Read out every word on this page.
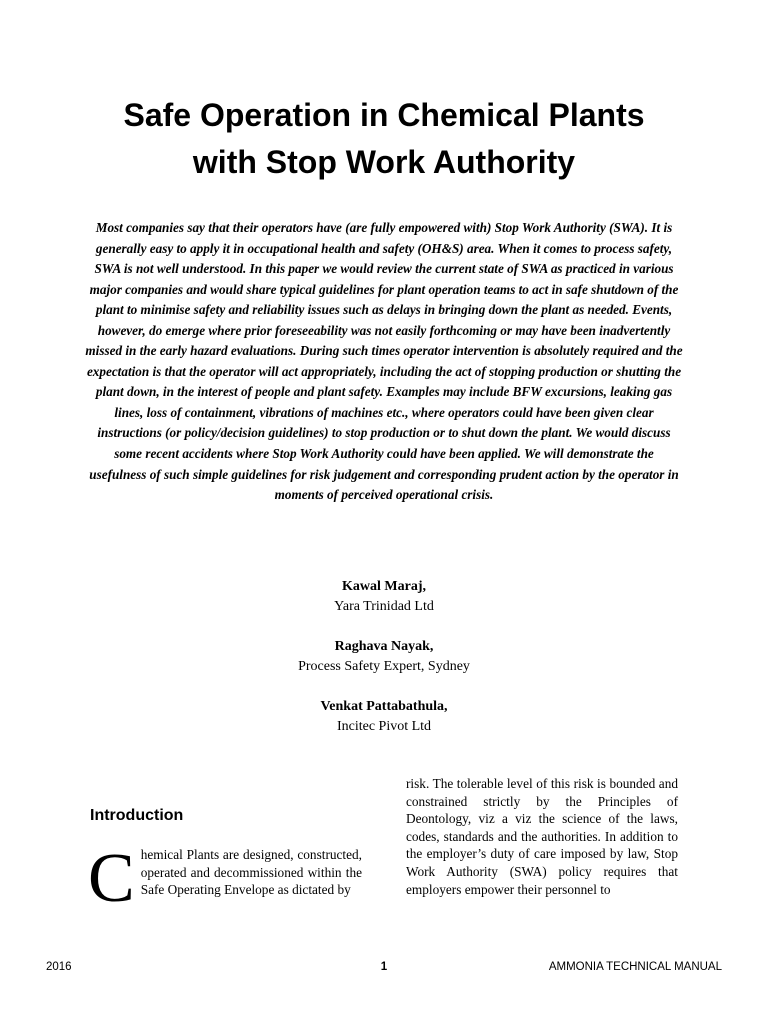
Safe Operation in Chemical Plants
with Stop Work Authority

Most companies say that their operators have (are fully empowered with) Stop Work Authority (SWA). It is generally easy to apply it in occupational health and safety (OH&S) area. When it comes to process safety, SWA is not well understood. In this paper we would review the current state of SWA as practiced in various major companies and would share typical guidelines for plant operation teams to act in safe shutdown of the plant to minimise safety and reliability issues such as delays in bringing down the plant as needed. Events, however, do emerge where prior foreseeability was not easily forthcoming or may have been inadvertently missed in the early hazard evaluations. During such times operator intervention is absolutely required and the expectation is that the operator will act appropriately, including the act of stopping production or shutting the plant down, in the interest of people and plant safety. Examples may include BFW excursions, leaking gas lines, loss of containment, vibrations of machines etc., where operators could have been given clear instructions (or policy/decision guidelines) to stop production or to shut down the plant. We would discuss some recent accidents where Stop Work Authority could have been applied. We will demonstrate the usefulness of such simple guidelines for risk judgement and corresponding prudent action by the operator in moments of perceived operational crisis.

Kawal Maraj,
Yara Trinidad Ltd
Raghava Nayak,
Process Safety Expert, Sydney
Venkat Pattabathula,
Incitec Pivot Ltd
Introduction

Chemical Plants are designed, constructed, operated and decommissioned within the Safe Operating Envelope as dictated by

risk. The tolerable level of this risk is bounded and constrained strictly by the Principles of Deontology, viz a viz the science of the laws, codes, standards and the authorities. In addition to the employer’s duty of care imposed by law, Stop Work Authority (SWA) policy requires that employers empower their personnel to

2016	1	AMMONIA TECHNICAL MANUAL
